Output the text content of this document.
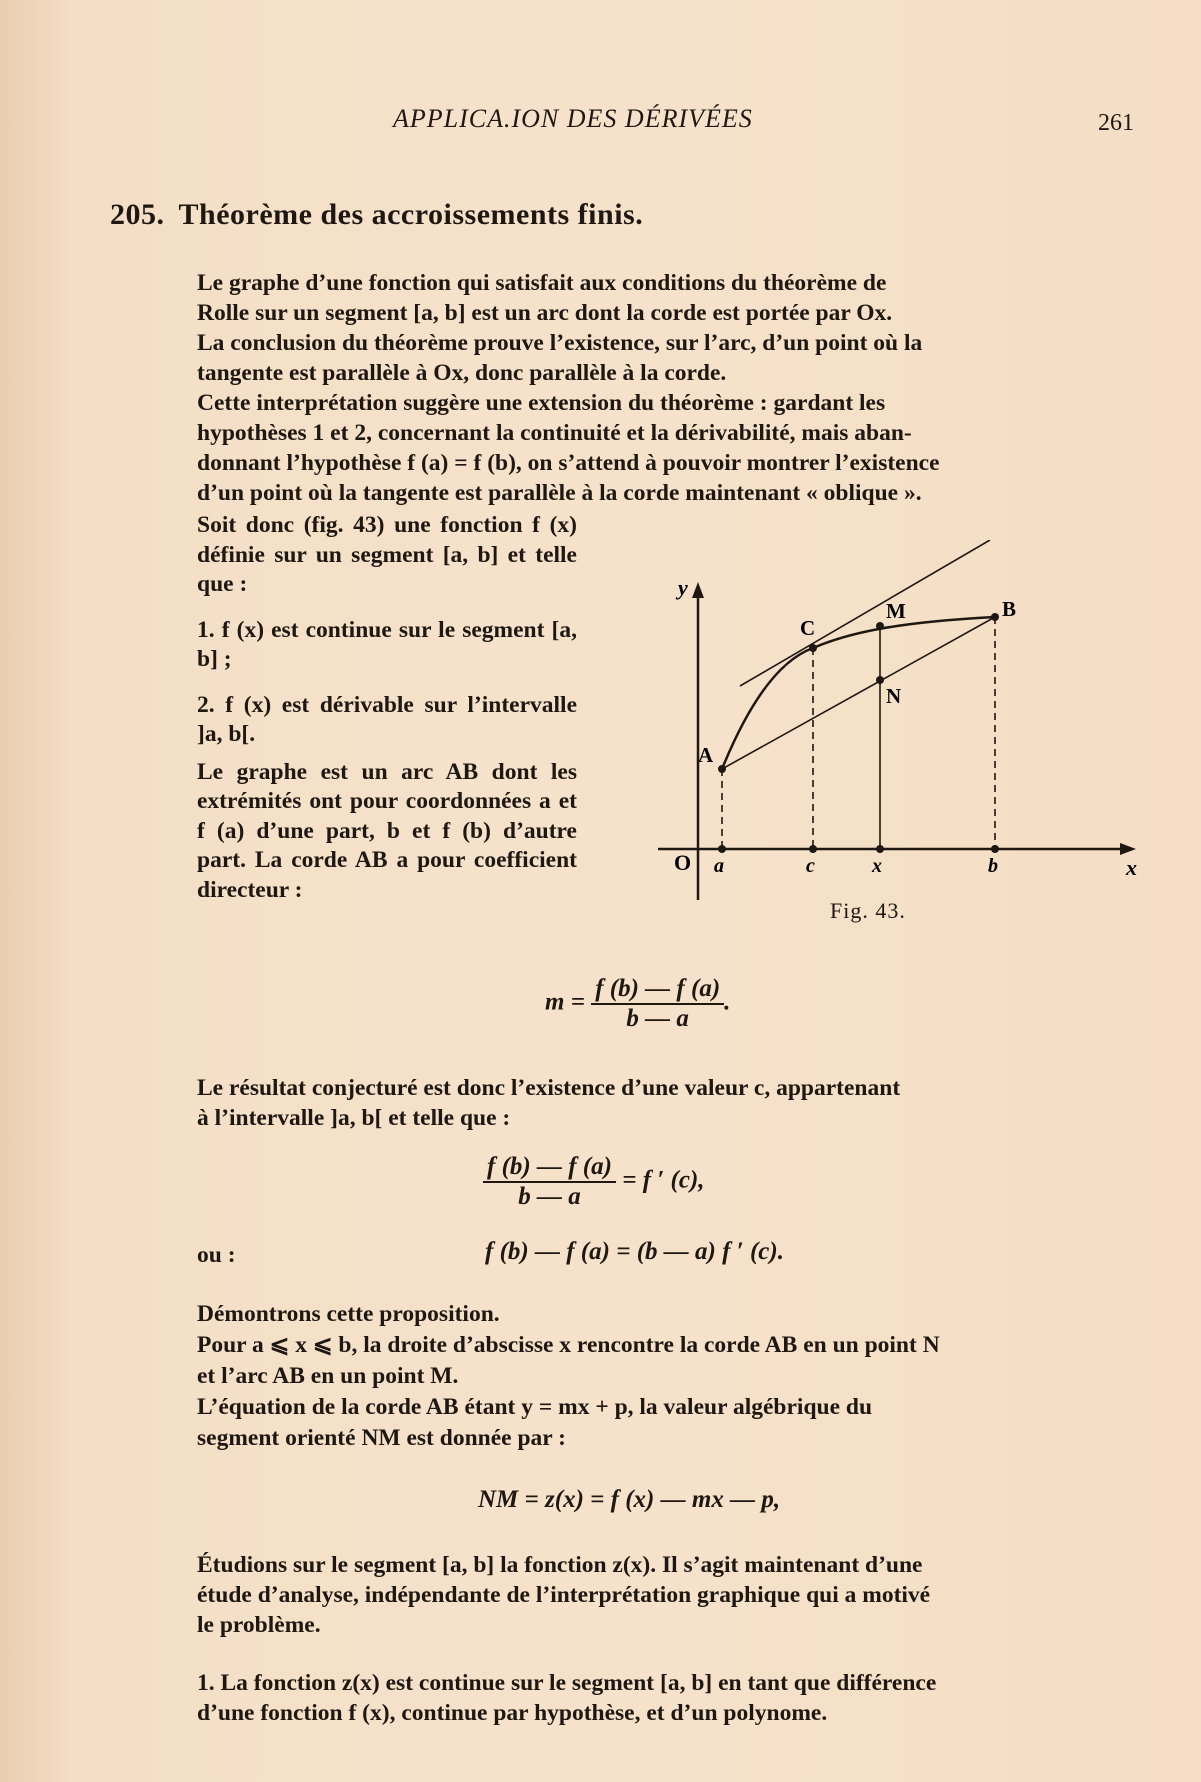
APPLICA.ION DES DÉRIVÉES	261
205. Théorème des accroissements finis.

Le graphe d’une fonction qui satisfait aux conditions du théorème de

Rolle sur un segment [a, b] est un arc dont la corde est portée par Ox.

La conclusion du théorème prouve l’existence, sur l’arc, d’un point où la

tangente est parallèle à Ox, donc parallèle à la corde.

Cette interprétation suggère une extension du théorème : gardant les

hypothèses 1 et 2, concernant la continuité et la dérivabilité, mais aban-

donnant l’hypothèse f (a) = f (b), on s’attend à pouvoir montrer l’existence

d’un point où la tangente est parallèle à la corde maintenant « oblique ».

Soit donc (fig. 43) une fonction f (x) définie sur un segment [a, b] et telle que :

1. f (x) est continue sur le segment [a, b] ;

2. f (x) est dérivable sur l’intervalle ]a, b[.

Le graphe est un arc AB dont les extrémités ont pour coordonnées a et f (a) d’une part, b et f (b) d’autre part. La corde AB a pour coefficient directeur :

y
x
O a	c	x	b
A
C
M
N
B
Fig. 43.
$m = \frac{f (b) — f (a)}{b — a}$ .

Le résultat conjecturé est donc l’existence d’une valeur c, appartenant

à l’intervalle ]a, b[ et telle que :

$\frac{f (b) — f (a)}{b — a} = f$ ′ (c),
ou :	f (b) — f (a) = (b — a) f ′ (c).

Démontrons cette proposition.

Pour a ⩽ x ⩽ b, la droite d’abscisse x rencontre la corde AB en un point N

et l’arc AB en un point M.

L’équation de la corde AB étant y = mx + p, la valeur algébrique du

segment orienté NM est donnée par :

NM = z(x) = f (x) — mx — p,

Étudions sur le segment [a, b] la fonction z(x). Il s’agit maintenant d’une

étude d’analyse, indépendante de l’interprétation graphique qui a motivé

le problème.

1. La fonction z(x) est continue sur le segment [a, b] en tant que différence

d’une fonction f (x), continue par hypothèse, et d’un polynome.
